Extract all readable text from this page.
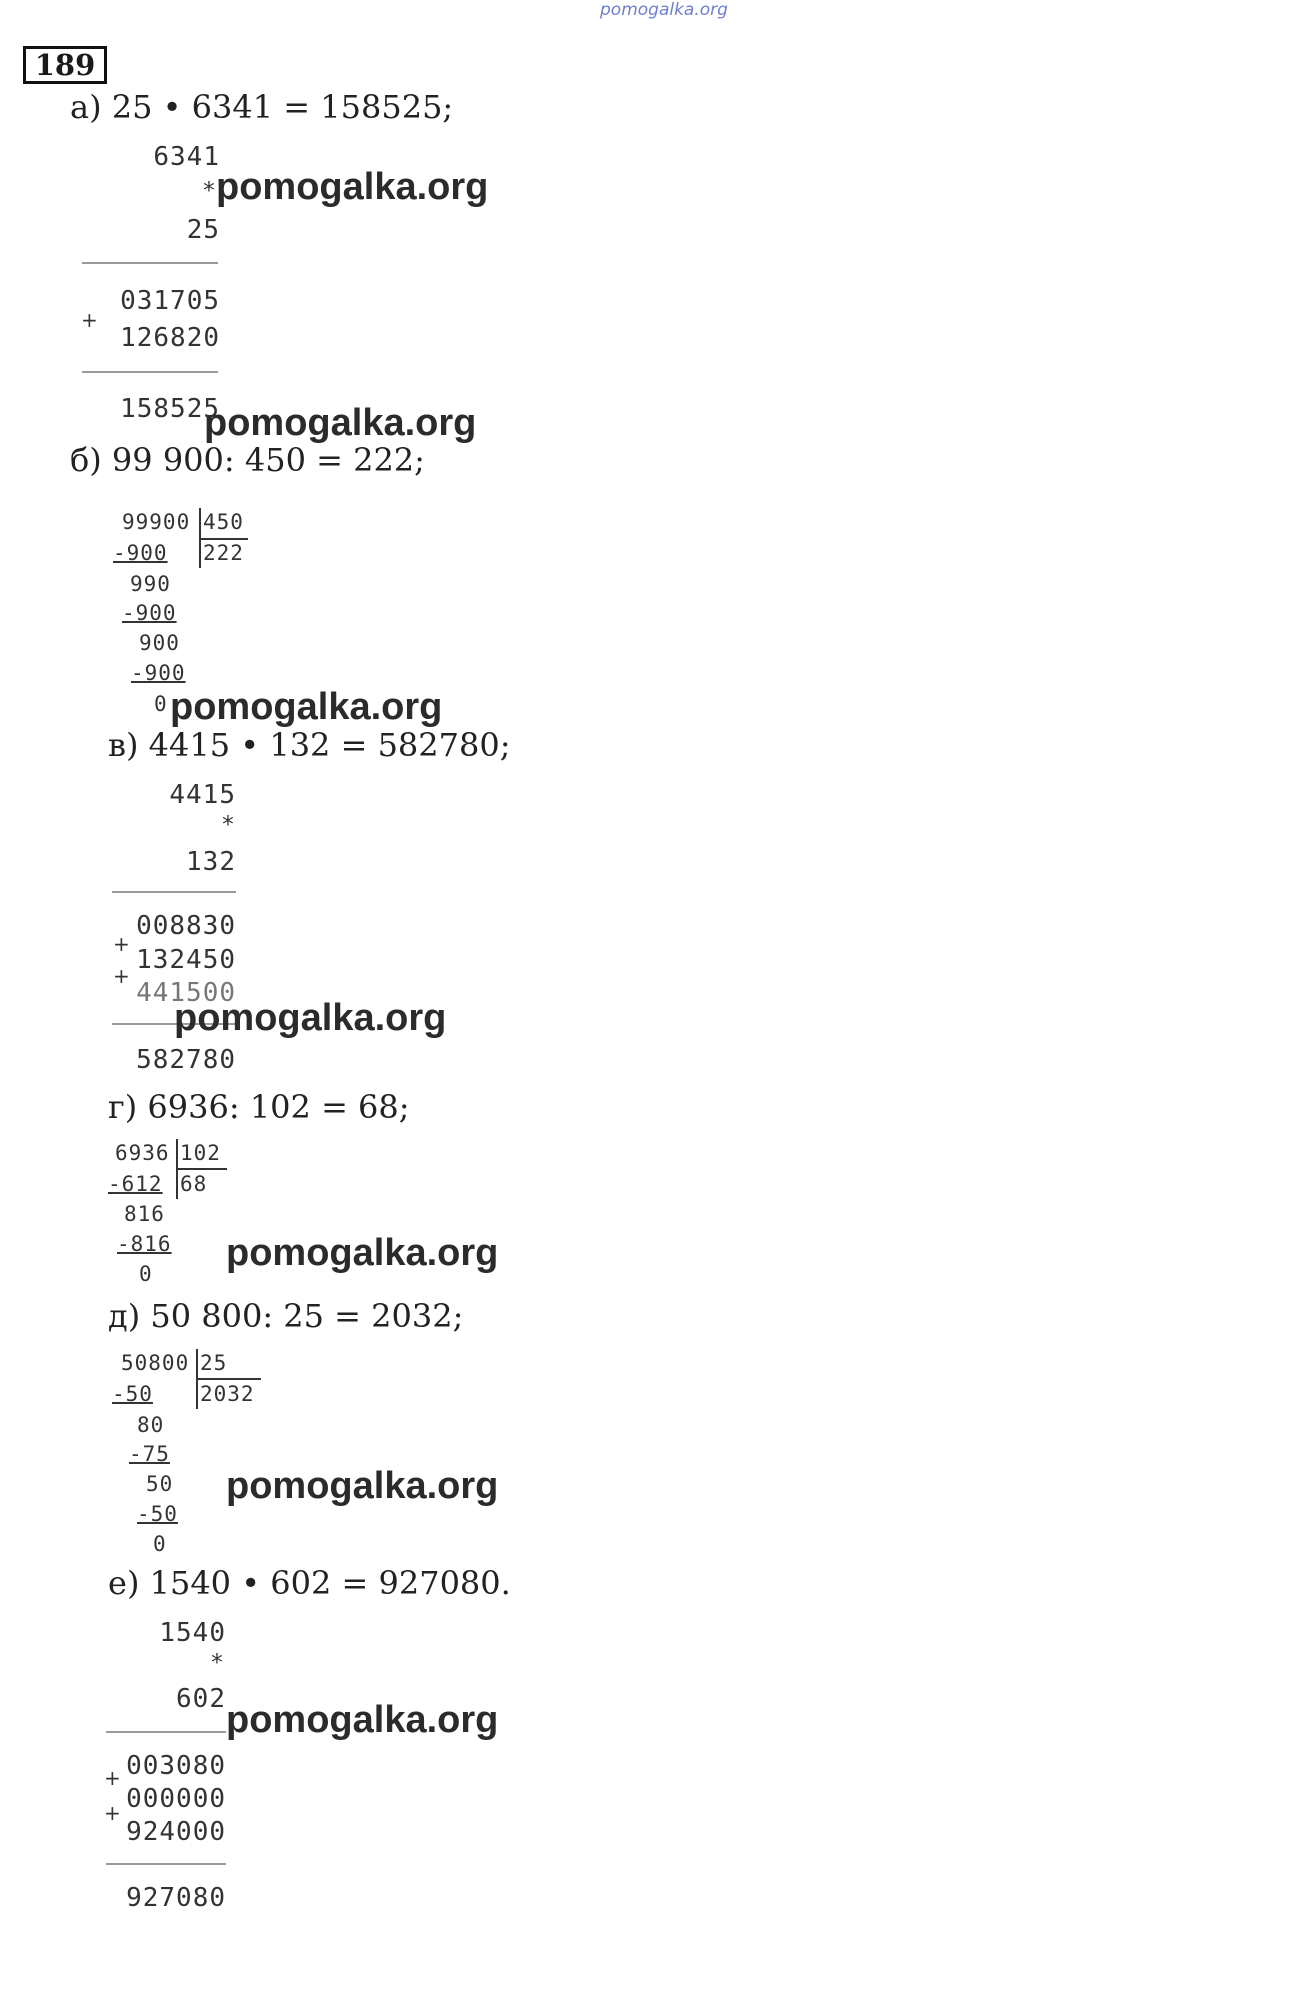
pomogalka.org
189
а) 25 • 6341 = 158525;
6341
*
25
031705
+
126820
158525
pomogalka.org
pomogalka.org
б) 99 900: 450 = 222;
99900 450
222
-900
990
-900
900
-900
0 pomogalka.org
в) 4415 • 132 = 582780;
4415
*
132
008830
+
132450
+
441500
582780
pomogalka.org
г) 6936: 102 = 68;
6936 102
68
-612
816
-816
0 pomogalka.org
д) 50 800: 25 = 2032;
50800 25
2032
-50
80
-75
50
-50
0
pomogalka.org
е) 1540 • 602 = 927080.
1540
*
602
003080
+
000000
+
924000
927080
pomogalka.org
